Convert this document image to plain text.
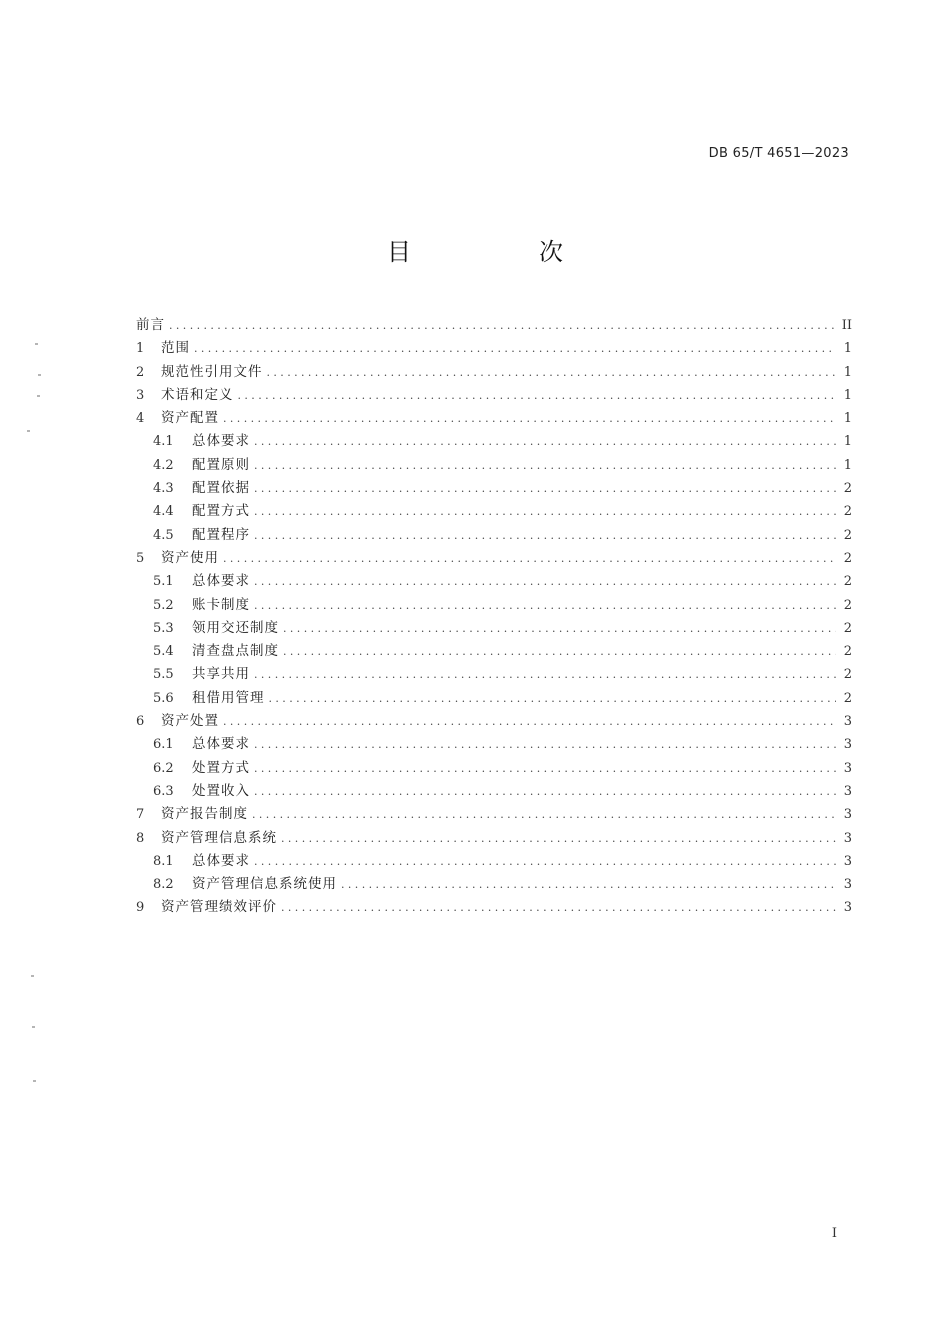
DB 65/T 4651—2023
目　次
前言 .....	II
1	范围 .....	1
2	规范性引用文件 .....	1
3	术语和定义 .....	1
4	资产配置 .....	1
4.1	总体要求 .....	1
4.2	配置原则 .....	1
4.3	配置依据 .....	2
4.4	配置方式 .....	2
4.5	配置程序 .....	2
5	资产使用 .....	2
5.1	总体要求 .....	2
5.2	账卡制度 .....	2
5.3	领用交还制度 .....	2
5.4	清查盘点制度 .....	2
5.5	共享共用 .....	2
5.6	租借用管理 .....	2
6	资产处置 .....	3
6.1	总体要求 .....	3
6.2	处置方式 .....	3
6.3	处置收入 .....	3
7	资产报告制度 .....	3
8	资产管理信息系统 .....	3
8.1	总体要求 .....	3
8.2	资产管理信息系统使用 .....	3
9	资产管理绩效评价 .....	3
I
